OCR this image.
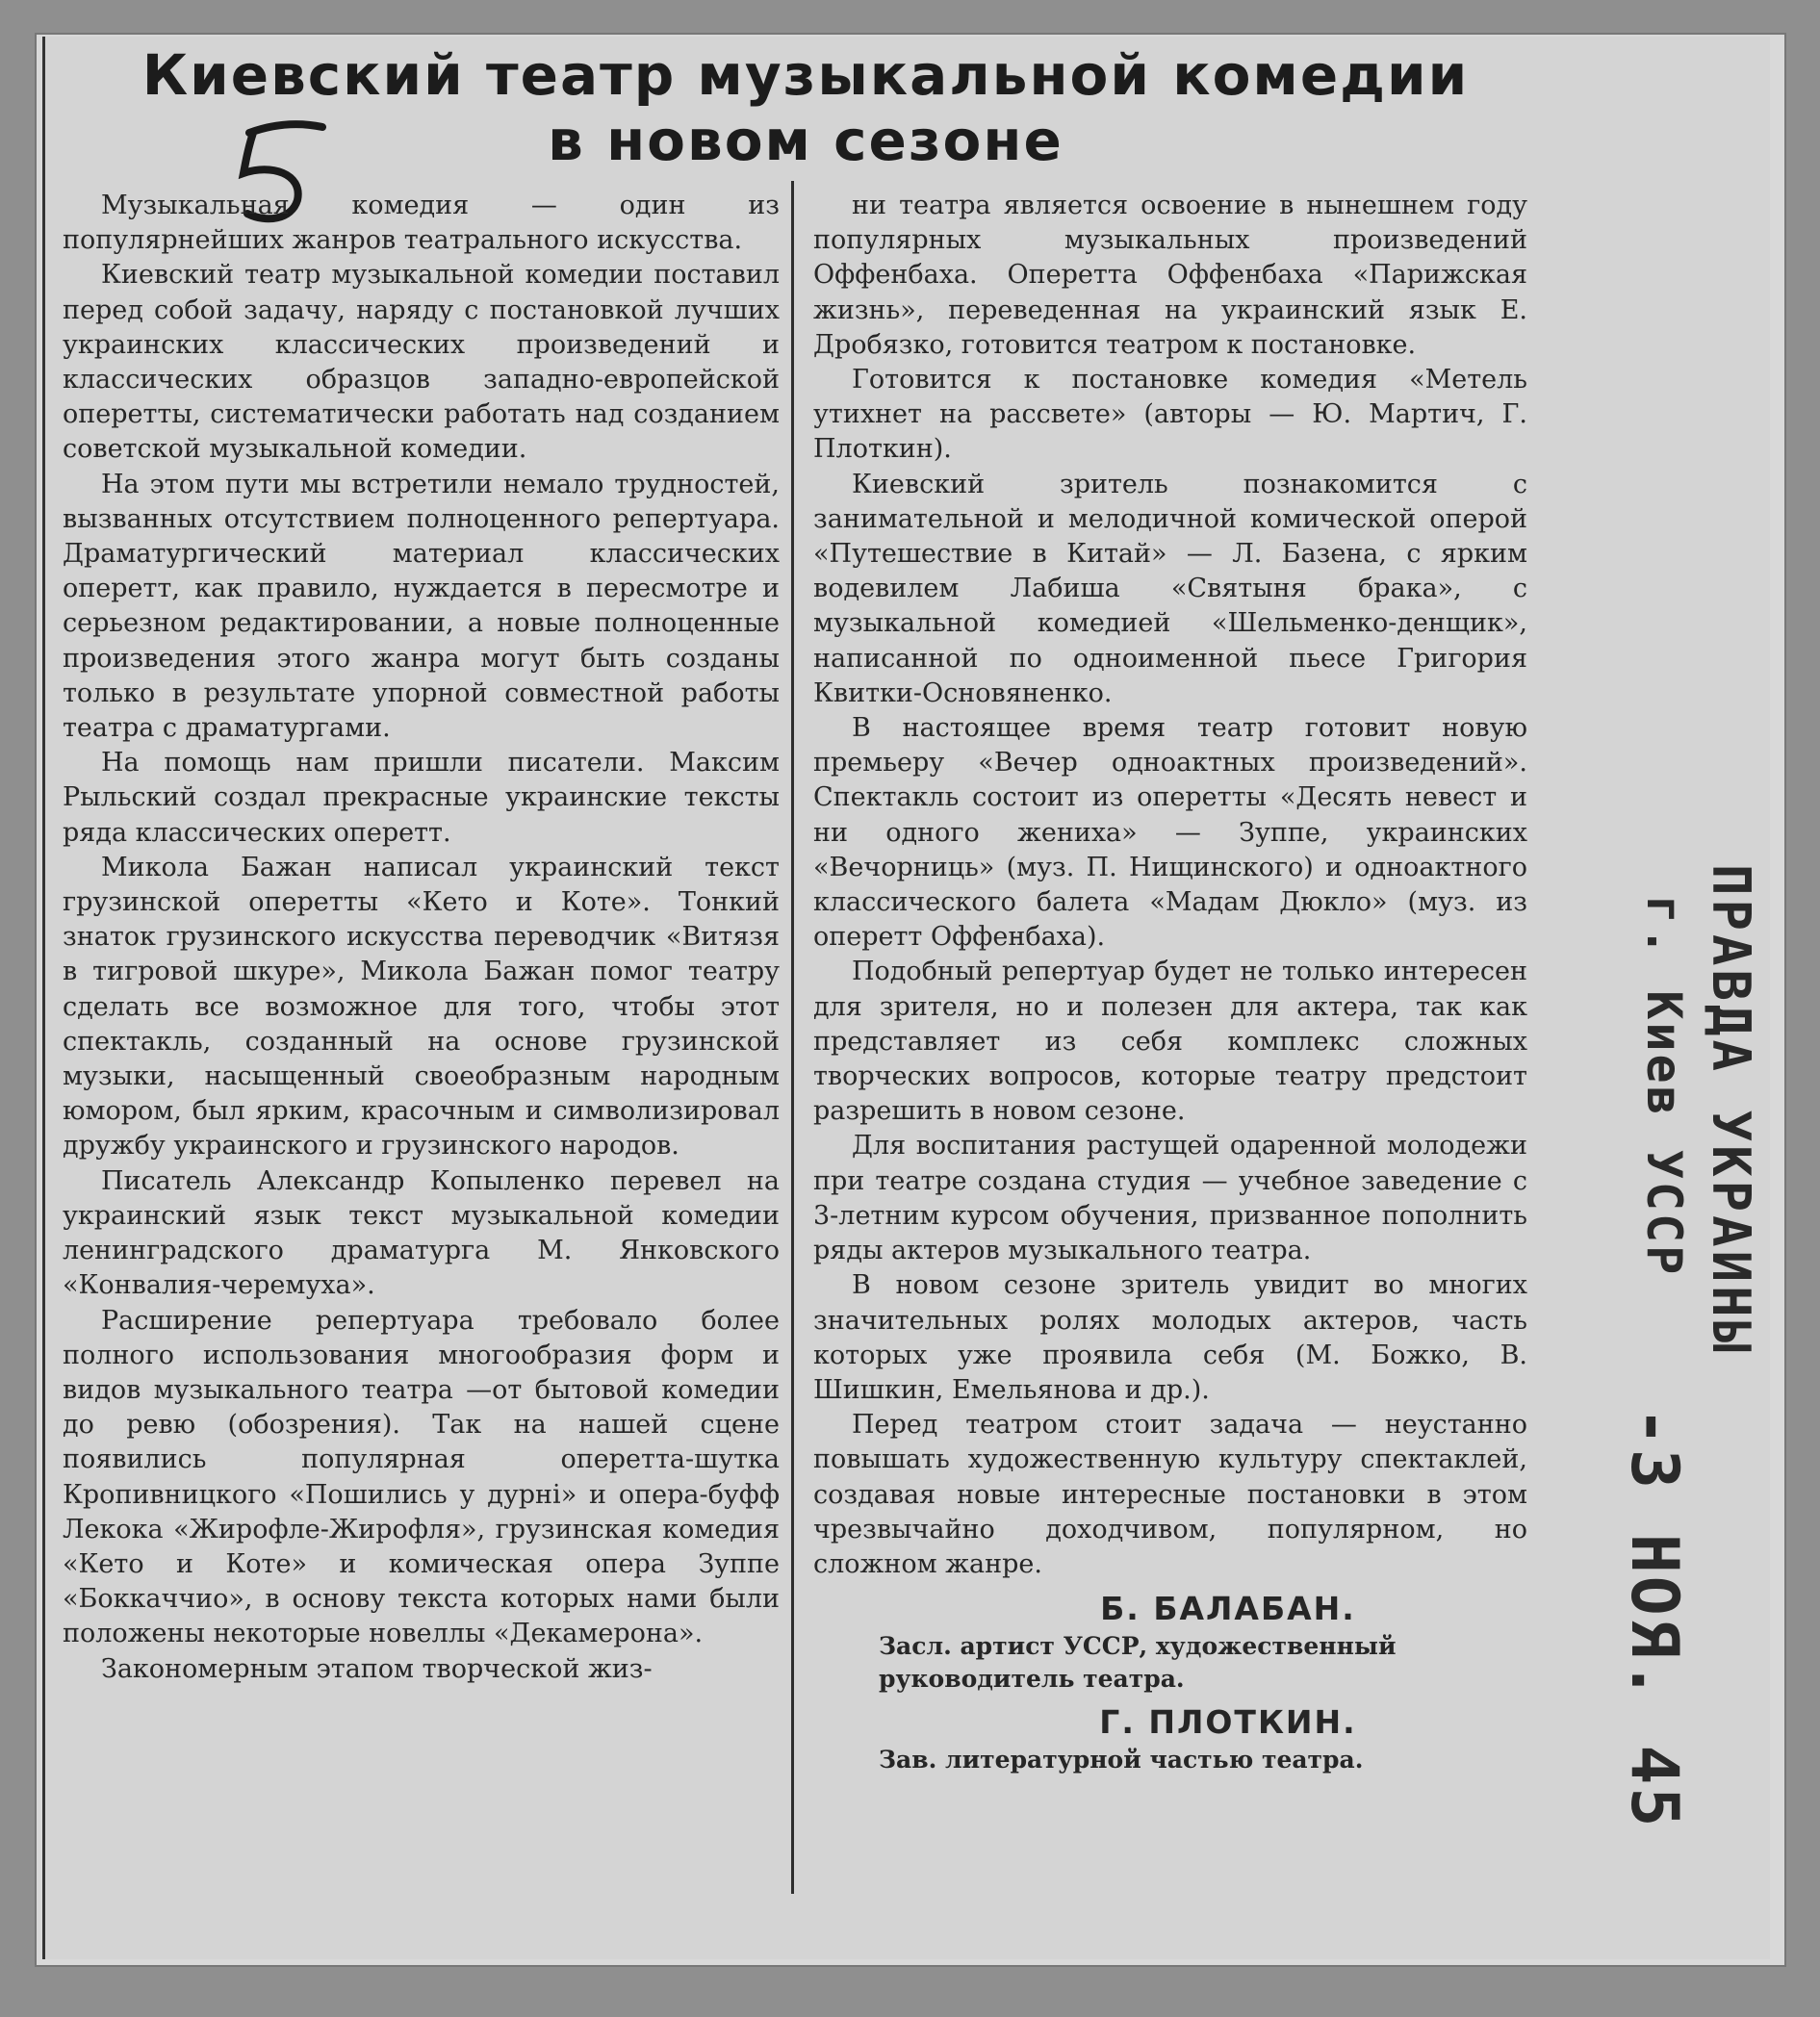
Киевский театр музыкальной комедии
в новом сезоне

Музыкальная комедия — один из популярнейших жанров театрального искусства.

Киевский театр музыкальной комедии поставил перед собой задачу, наряду с постановкой лучших украинских классических произведений и классических образцов западно-европейской оперетты, систематически работать над созданием советской музыкальной комедии.

На этом пути мы встретили немало трудностей, вызванных отсутствием полноценного репертуара. Драматургический материал классических оперетт, как правило, нуждается в пересмотре и серьезном редактировании, а новые полноценные произведения этого жанра могут быть созданы только в результате упорной совместной работы театра с драматургами.

На помощь нам пришли писатели. Максим Рыльский создал прекрасные украинские тексты ряда классических оперетт.

Микола Бажан написал украинский текст грузинской оперетты «Кето и Коте». Тонкий знаток грузинского искусства переводчик «Витязя в тигровой шкуре», Микола Бажан помог театру сделать все возможное для того, чтобы этот спектакль, созданный на основе грузинской музыки, насыщенный своеобразным народным юмором, был ярким, красочным и символизировал дружбу украинского и грузинского народов.

Писатель Александр Копыленко перевел на украинский язык текст музыкальной комедии ленинградского драматурга М. Янковского «Конвалия-черемуха».

Расширение репертуара требовало более полного использования многообразия форм и видов музыкального театра —от бытовой комедии до ревю (обозрения). Так на нашей сцене появились популярная оперетта-шутка Кропивницкого «Пошились у дурні» и опера-буфф Лекока «Жирофле-Жирофля», грузинская комедия «Кето и Коте» и комическая опера Зуппе «Боккаччио», в основу текста которых нами были положены некоторые новеллы «Декамерона».

Закономерным этапом творческой жиз-

ни театра является освоение в нынешнем году популярных музыкальных произведений Оффенбаха. Оперетта Оффенбаха «Парижская жизнь», переведенная на украинский язык Е. Дробязко, готовится театром к постановке.

Готовится к постановке комедия «Метель утихнет на рассвете» (авторы — Ю. Мартич, Г. Плоткин).

Киевский зритель познакомится с занимательной и мелодичной комической оперой «Путешествие в Китай» — Л. Базена, с ярким водевилем Лабиша «Святыня брака», с музыкальной комедией «Шельменко-денщик», написанной по одноименной пьесе Григория Квитки-Основяненко.

В настоящее время театр готовит новую премьеру «Вечер одноактных произведений». Спектакль состоит из оперетты «Десять невест и ни одного жениха» — Зуппе, украинских «Вечорниць» (муз. П. Нищинского) и одноактного классического балета «Мадам Дюкло» (муз. из оперетт Оффенбаха).

Подобный репертуар будет не только интересен для зрителя, но и полезен для актера, так как представляет из себя комплекс сложных творческих вопросов, которые театру предстоит разрешить в новом сезоне.

Для воспитания растущей одаренной молодежи при театре создана студия — учебное заведение с 3-летним курсом обучения, призванное пополнить ряды актеров музыкального театра.

В новом сезоне зритель увидит во многих значительных ролях молодых актеров, часть которых уже проявила себя (М. Божко, В. Шишкин, Емельянова и др.).

Перед театром стоит задача — неустанно повышать художественную культуру спектаклей, создавая новые интересные постановки в этом чрезвычайно доходчивом, популярном, но сложном жанре.

Б. БАЛАБАН.

Засл. артист УССР, художественный руководитель театра.

Г. ПЛОТКИН.

Зав. литературной частью театра.

ПРАВДА УКРАИНЫ
г. Киев УССР
-3 НОЯ. 45
